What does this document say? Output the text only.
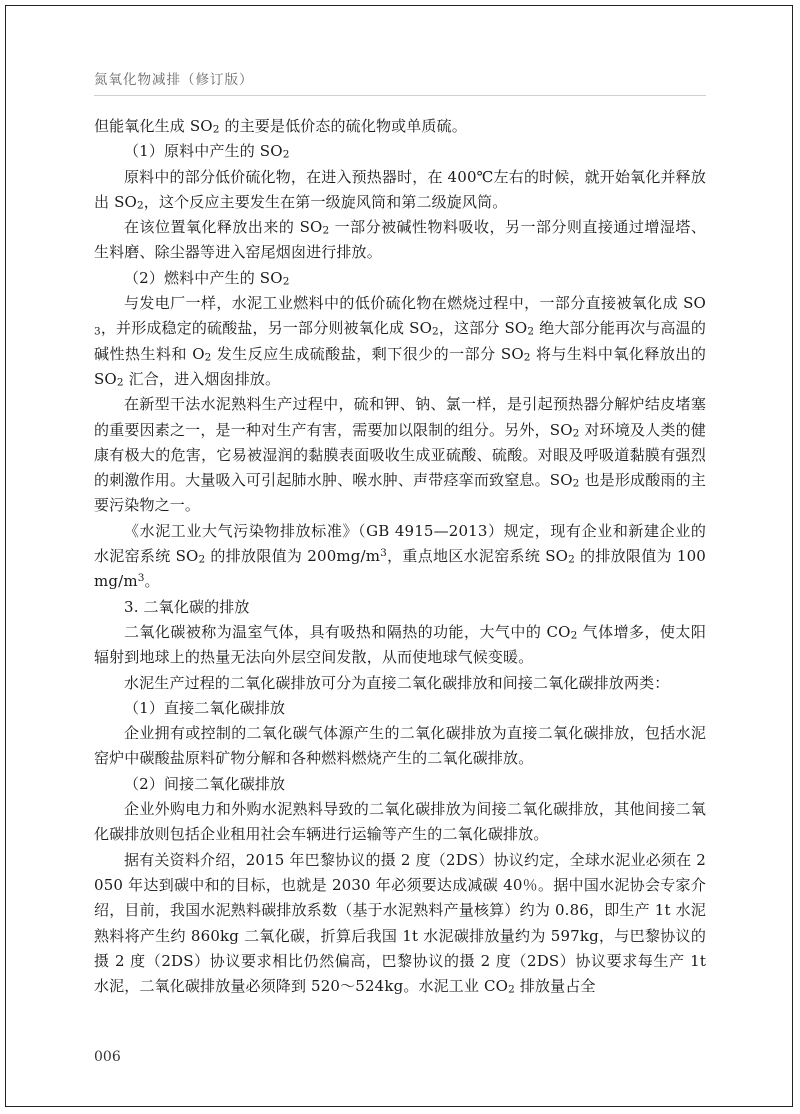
氮氧化物减排（修订版）

但能氧化生成 $SO_2$ 的主要是低价态的硫化物或单质硫。

（1）原料中产生的 $SO_2$

原料中的部分低价硫化物，在进入预热器时，在 400℃左右的时候，就开始氧化并释放出 $SO_2$，这个反应主要发生在第一级旋风筒和第二级旋风筒。

在该位置氧化释放出来的 $SO_2$ 一部分被碱性物料吸收，另一部分则直接通过增湿塔、生料磨、除尘器等进入窑尾烟囱进行排放。

（2）燃料中产生的 $SO_2$

与发电厂一样，水泥工业燃料中的低价硫化物在燃烧过程中，一部分直接被氧化成 $SO_3$，并形成稳定的硫酸盐，另一部分则被氧化成 $SO_2$，这部分 $SO_2$ 绝大部分能再次与高温的碱性热生料和 $O_2$ 发生反应生成硫酸盐，剩下很少的一部分 $SO_2$ 将与生料中氧化释放出的 $SO_2$ 汇合，进入烟囱排放。

在新型干法水泥熟料生产过程中，硫和钾、钠、氯一样，是引起预热器分解炉结皮堵塞的重要因素之一，是一种对生产有害，需要加以限制的组分。另外，$SO_2$ 对环境及人类的健康有极大的危害，它易被湿润的黏膜表面吸收生成亚硫酸、硫酸。对眼及呼吸道黏膜有强烈的刺激作用。大量吸入可引起肺水肿、喉水肿、声带痉挛而致窒息。$SO_2$ 也是形成酸雨的主要污染物之一。

《水泥工业大气污染物排放标准》（GB 4915—2013）规定，现有企业和新建企业的水泥窑系统 $SO_2$ 的排放限值为 $200mg/m^3$，重点地区水泥窑系统 $SO_2$ 的排放限值为 $100mg/m^3$。

3. 二氧化碳的排放

二氧化碳被称为温室气体，具有吸热和隔热的功能，大气中的 $CO_2$ 气体增多，使太阳辐射到地球上的热量无法向外层空间发散，从而使地球气候变暖。

水泥生产过程的二氧化碳排放可分为直接二氧化碳排放和间接二氧化碳排放两类：

（1）直接二氧化碳排放

企业拥有或控制的二氧化碳气体源产生的二氧化碳排放为直接二氧化碳排放，包括水泥窑炉中碳酸盐原料矿物分解和各种燃料燃烧产生的二氧化碳排放。

（2）间接二氧化碳排放

企业外购电力和外购水泥熟料导致的二氧化碳排放为间接二氧化碳排放，其他间接二氧化碳排放则包括企业租用社会车辆进行运输等产生的二氧化碳排放。

据有关资料介绍，2015 年巴黎协议的摄 2 度（2DS）协议约定，全球水泥业必须在 2050 年达到碳中和的目标，也就是 2030 年必须要达成减碳 40％。据中国水泥协会专家介绍，目前，我国水泥熟料碳排放系数（基于水泥熟料产量核算）约为 0.86，即生产 1t 水泥熟料将产生约 860kg 二氧化碳，折算后我国 1t 水泥碳排放量约为 597kg，与巴黎协议的摄 2 度（2DS）协议要求相比仍然偏高，巴黎协议的摄 2 度（2DS）协议要求每生产 1t 水泥，二氧化碳排放量必须降到 520～524kg。水泥工业 $CO_2$ 排放量占全

006
